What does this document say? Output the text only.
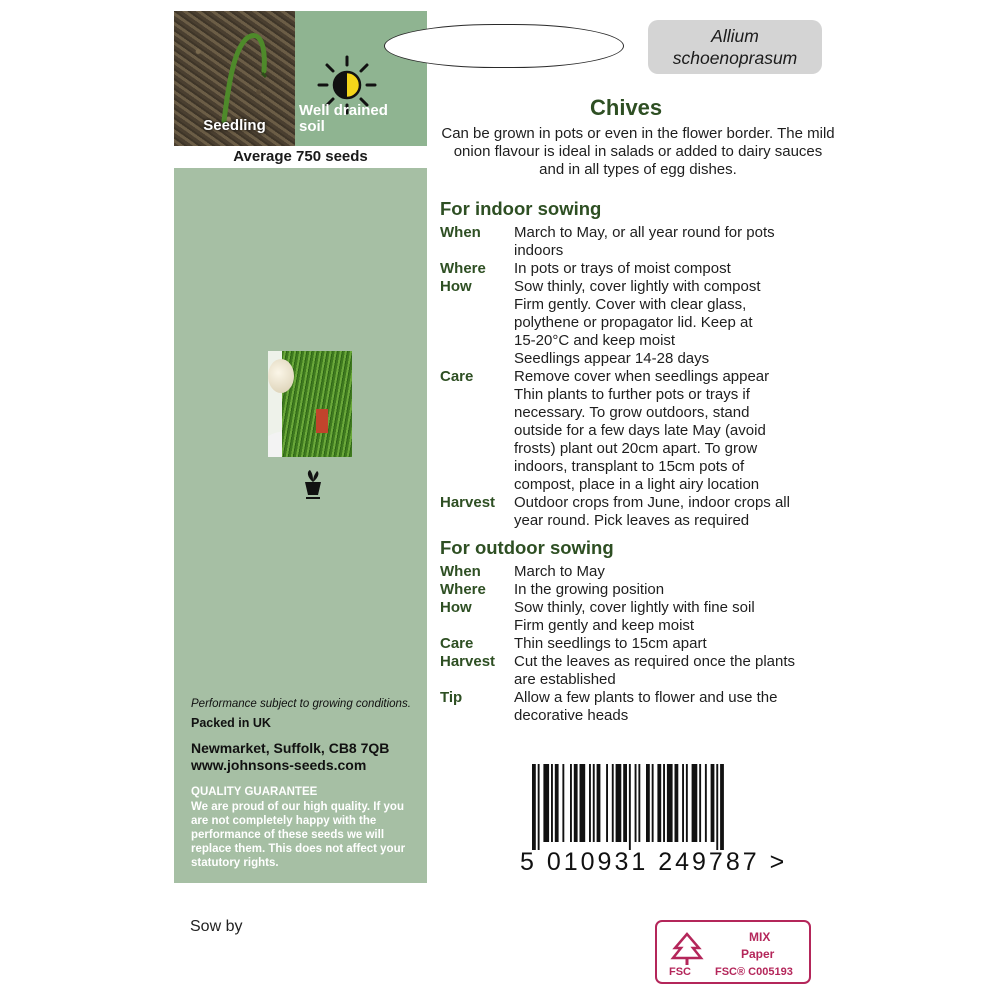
Seedling
Well drained
soil
Average 750 seeds
Performance subject to growing conditions.
Packed in UK
Newmarket, Suffolk, CB8 7QB
www.johnsons-seeds.com
QUALITY GUARANTEE
We are proud of our high quality. If you are not completely happy with the performance of these seeds we will replace them. This does not affect your statutory rights.
Allium
schoenoprasum
Chives
Can be grown in pots or even in the flower border. The mild onion flavour is ideal in salads or added to dairy sauces and in all types of egg dishes.
For indoor sowing
When	March to May, or all year round for pots
indoors
Where	In pots or trays of moist compost
How	Sow thinly, cover lightly with compost
Firm gently. Cover with clear glass,
polythene or propagator lid. Keep at
15-20°C and keep moist
Seedlings appear 14-28 days
Care	Remove cover when seedlings appear
Thin plants to further pots or trays if
necessary. To grow outdoors, stand
outside for a few days late May (avoid
frosts) plant out 20cm apart. To grow
indoors, transplant to 15cm pots of
compost, place in a light airy location
Harvest	Outdoor crops from June, indoor crops all
year round. Pick leaves as required
For outdoor sowing
When	March to May
Where	In the growing position
How	Sow thinly, cover lightly with fine soil
Firm gently and keep moist
Care	Thin seedlings to 15cm apart
Harvest	Cut the leaves as required once the plants
are established
Tip	Allow a few plants to flower and use the
decorative heads
5 010931 249787 >
Sow by
FSC
MIX
Paper
FSC® C005193
